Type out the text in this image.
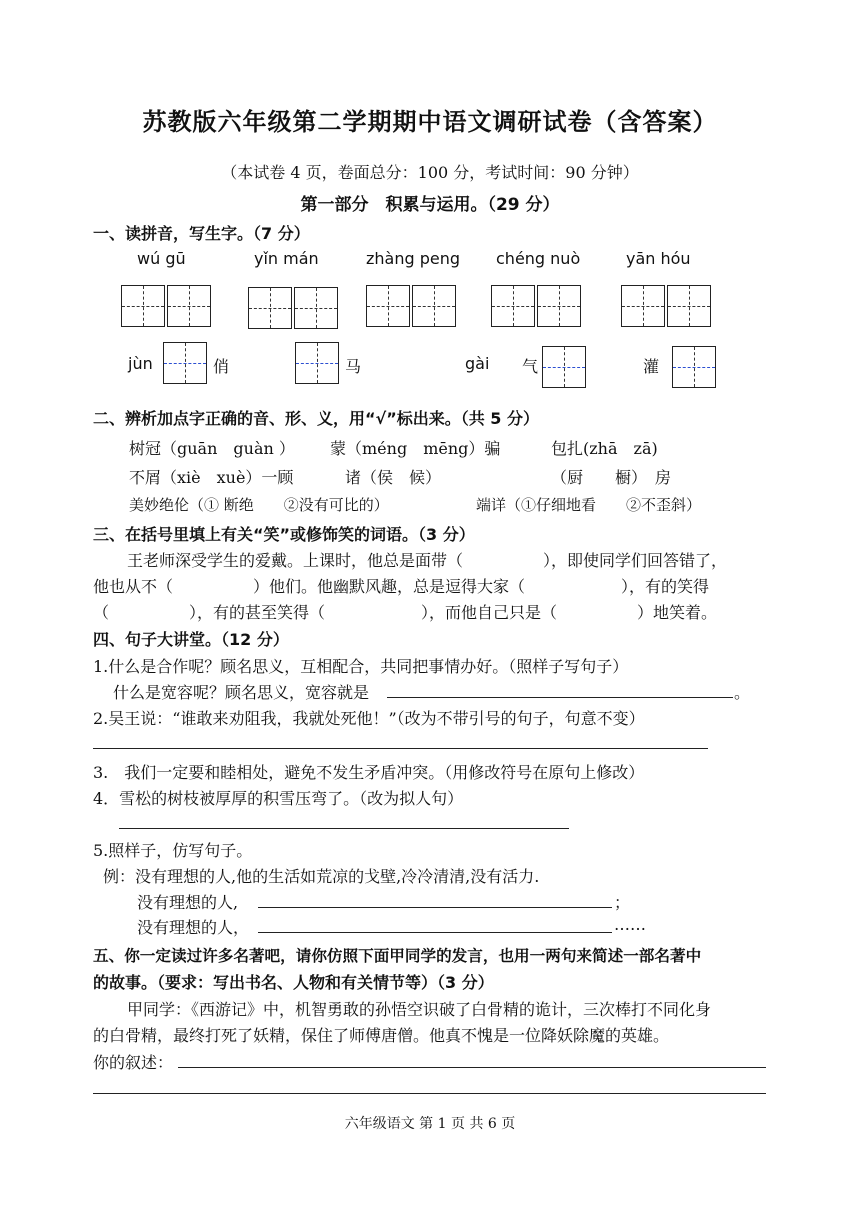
苏教版六年级第二学期期中语文调研试卷（含答案）
（本试卷 4 页，卷面总分：100 分，考试时间：90 分钟）
第一部分　积累与运用。（29 分）
一、读拼音，写生字。（7 分）
wú gū	yǐn mán	zhàng peng chéng nuò	yān hóu
jùn	俏	马	gài 气	灌
二、辨析加点字正确的音、形、义，用“√”标出来。（共 5 分）
树冠（guān　guàn ） 蒙（méng　mēng）骗	包扎(zhā　zā)
不屑（xiè　xuè）一顾	诸（侯　候）	（厨　　橱）　房
美妙绝伦（① 断绝　　②没有可比的）	端详（①仔细地看　　②不歪斜）
三、在括号里填上有关“笑”或修饰笑的词语。（3 分）
王老师深受学生的爱戴。上课时，他总是面带（　　　　　），即使同学们回答错了，
他也从不（　　　　　）他们。他幽默风趣，总是逗得大家（　　　　　　），有的笑得
（　　　　　），有的甚至笑得（　　　　　　），而他自己只是（　　　　　）地笑着。
四、句子大讲堂。（12 分）
1.什么是合作呢？顾名思义，互相配合，共同把事情办好。（照样子写句子）
什么是宽容呢？顾名思义，宽容就是	。
2.吴王说：“谁敢来劝阻我，我就处死他！”（改为不带引号的句子，句意不变）
3.　我们一定要和睦相处，避免不发生矛盾冲突。（用修改符号在原句上修改）
4．雪松的树枝被厚厚的积雪压弯了。（改为拟人句）
5.照样子，仿写句子。
例：没有理想的人,他的生活如荒凉的戈壁,冷冷清清,没有活力.
没有理想的人,	；
没有理想的人，	……
五、你一定读过许多名著吧，请你仿照下面甲同学的发言，也用一两句来简述一部名著中
的故事。（要求：写出书名、人物和有关情节等）（3 分）
甲同学：《西游记》中，机智勇敢的孙悟空识破了白骨精的诡计，三次棒打不同化身
的白骨精，最终打死了妖精，保住了师傅唐僧。他真不愧是一位降妖除魔的英雄。
你的叙述：
六年级语文 第 1 页 共 6 页
